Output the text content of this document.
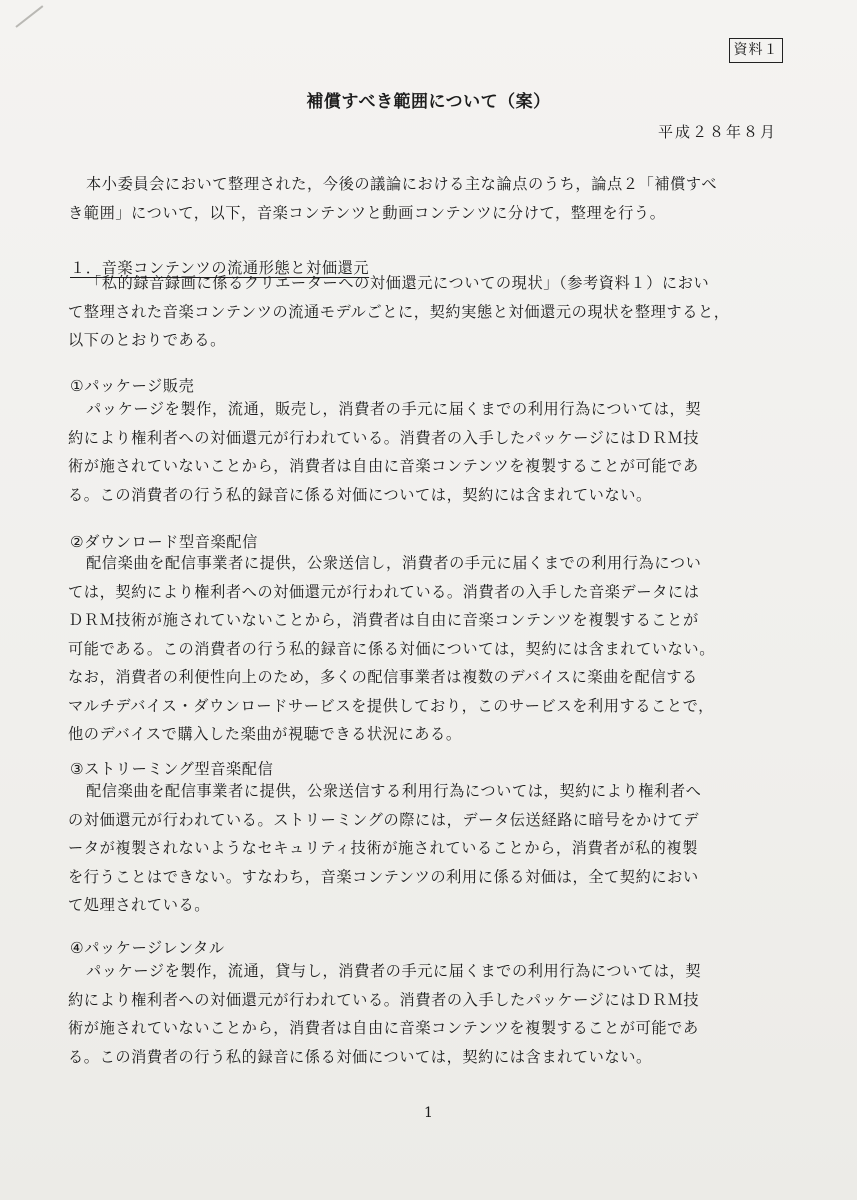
資料１
補償すべき範囲について（案）
平成２８年８月
本小委員会において整理された，今後の議論における主な論点のうち，論点２「補償すべ
き範囲」について，以下，音楽コンテンツと動画コンテンツに分けて，整理を行う。
１．音楽コンテンツの流通形態と対価還元
「私的録音録画に係るクリエーターへの対価還元についての現状」（参考資料１）におい
て整理された音楽コンテンツの流通モデルごとに，契約実態と対価還元の現状を整理すると，
以下のとおりである。
①パッケージ販売
パッケージを製作，流通，販売し，消費者の手元に届くまでの利用行為については，契
約により権利者への対価還元が行われている。消費者の入手したパッケージにはＤＲＭ技
術が施されていないことから，消費者は自由に音楽コンテンツを複製することが可能であ
る。この消費者の行う私的録音に係る対価については，契約には含まれていない。
②ダウンロード型音楽配信
配信楽曲を配信事業者に提供，公衆送信し，消費者の手元に届くまでの利用行為につい
ては，契約により権利者への対価還元が行われている。消費者の入手した音楽データには
ＤＲＭ技術が施されていないことから，消費者は自由に音楽コンテンツを複製することが
可能である。この消費者の行う私的録音に係る対価については，契約には含まれていない。
なお，消費者の利便性向上のため，多くの配信事業者は複数のデバイスに楽曲を配信する
マルチデバイス・ダウンロードサービスを提供しており，このサービスを利用することで，
他のデバイスで購入した楽曲が視聴できる状況にある。
③ストリーミング型音楽配信
配信楽曲を配信事業者に提供，公衆送信する利用行為については，契約により権利者へ
の対価還元が行われている。ストリーミングの際には，データ伝送経路に暗号をかけてデ
ータが複製されないようなセキュリティ技術が施されていることから，消費者が私的複製
を行うことはできない。すなわち，音楽コンテンツの利用に係る対価は，全て契約におい
て処理されている。
④パッケージレンタル
パッケージを製作，流通，貸与し，消費者の手元に届くまでの利用行為については，契
約により権利者への対価還元が行われている。消費者の入手したパッケージにはＤＲＭ技
術が施されていないことから，消費者は自由に音楽コンテンツを複製することが可能であ
る。この消費者の行う私的録音に係る対価については，契約には含まれていない。
1
